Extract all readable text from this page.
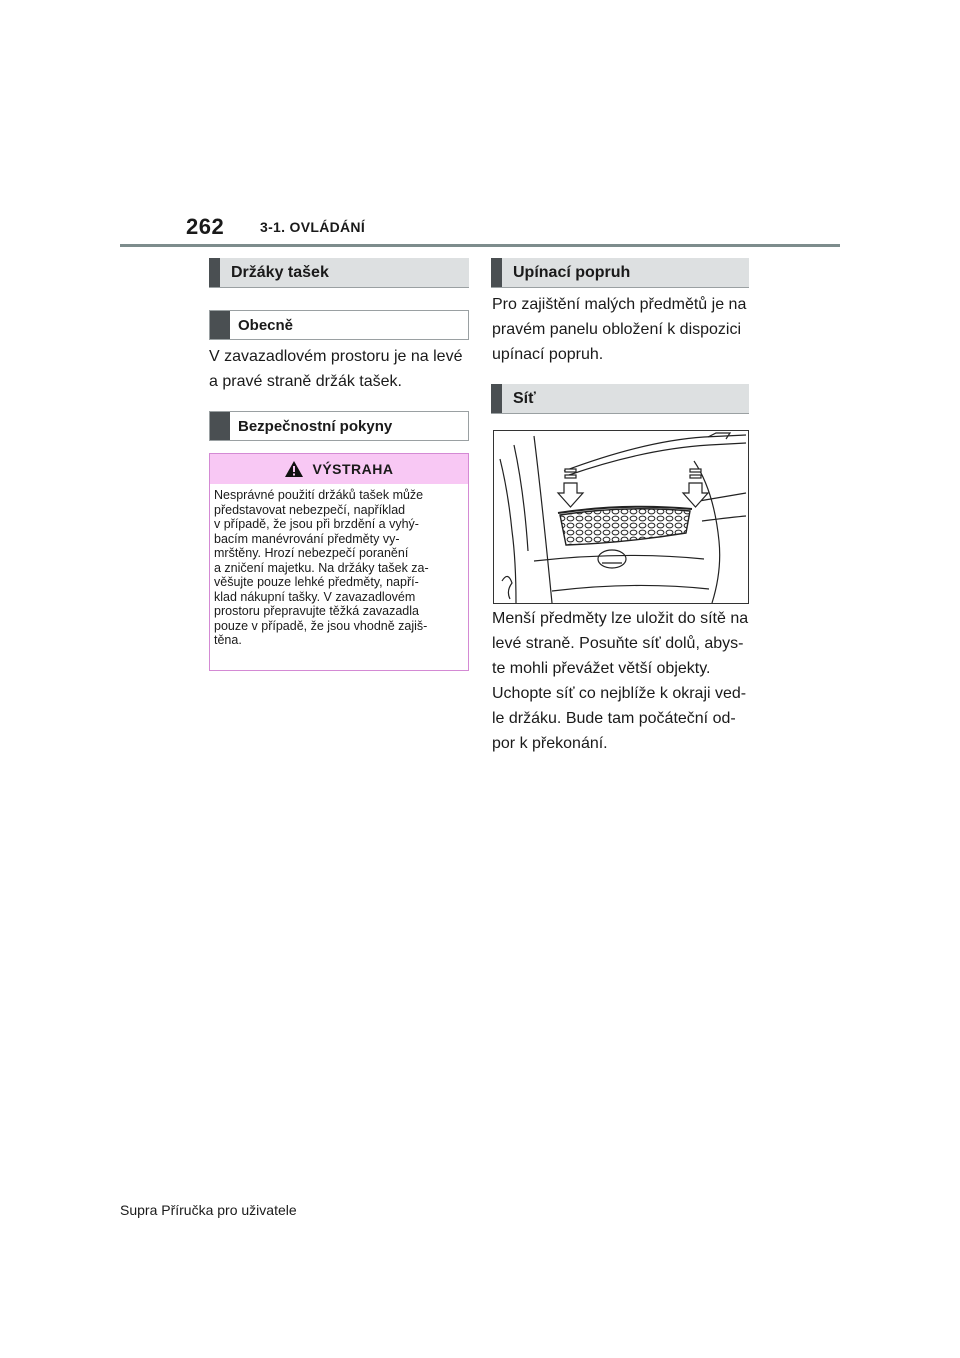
262	3-1. OVLÁDÁNÍ
Držáky tašek
Obecně
V zavazadlovém prostoru je na levé
a pravé straně držák tašek.
Bezpečnostní pokyny
VÝSTRAHA
Nesprávné použití držáků tašek může
představovat nebezpečí, například
v případě, že jsou při brzdění a vyhý-
bacím manévrování předměty vy-
mrštěny. Hrozí nebezpečí poranění
a zničení majetku. Na držáky tašek za-
věšujte pouze lehké předměty, napří-
klad nákupní tašky. V zavazadlovém
prostoru přepravujte těžká zavazadla
pouze v případě, že jsou vhodně zajiš-
těna.
Upínací popruh
Pro zajištění malých předmětů je na
pravém panelu obložení k dispozici
upínací popruh.
Síť
Menší předměty lze uložit do sítě na
levé straně. Posuňte síť dolů, abys-
te mohli převážet větší objekty.
Uchopte síť co nejblíže k okraji ved-
le držáku. Bude tam počáteční od-
por k překonání.
Supra Příručka pro uživatele
